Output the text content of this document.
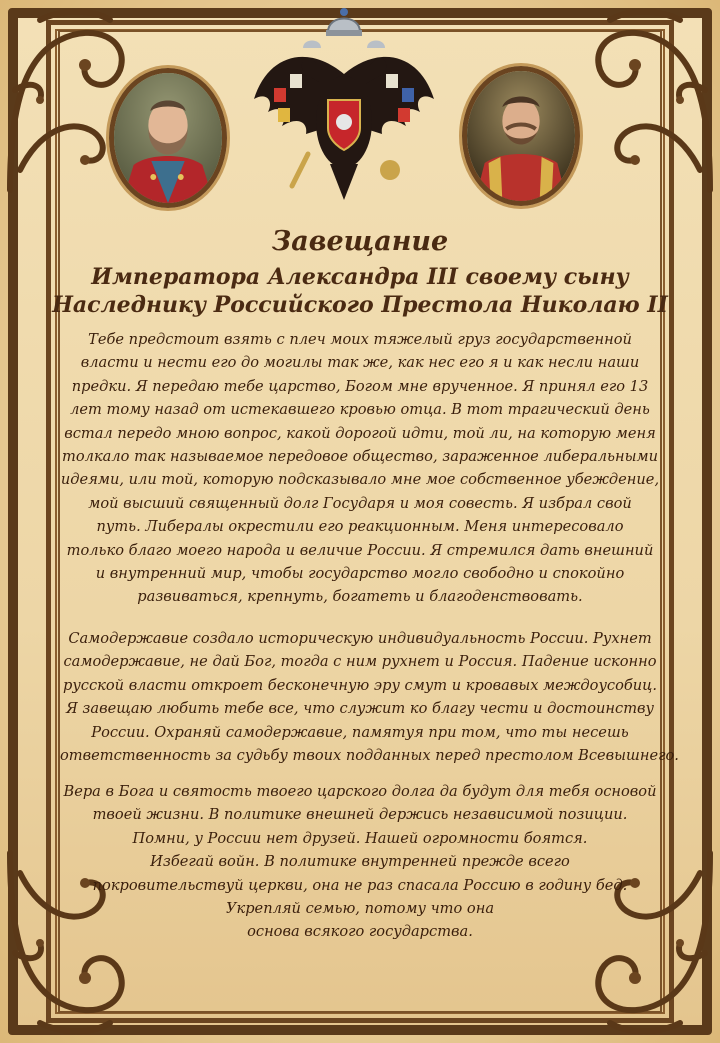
Завещание
Императора Александра III своему сыну
Наследнику Российского Престола Николаю II

Тебе предстоит взять с плеч моих тяжелый груз государственной
власти и нести его до могилы так же, как нес его я и как несли наши
предки. Я передаю тебе царство, Богом мне врученное. Я принял его 13
лет тому назад от истекавшего кровью отца. В тот трагический день
встал передо мною вопрос, какой дорогой идти, той ли, на которую меня
толкало так называемое передовое общество, зараженное либеральными
идеями, или той, которую подсказывало мне мое собственное убеждение,
мой высший священный долг Государя и моя совесть. Я избрал свой
путь. Либералы окрестили его реакционным. Меня интересовало
только благо моего народа и величие России. Я стремился дать внешний
и внутренний мир, чтобы государство могло свободно и спокойно
развиваться, крепнуть, богатеть и благоденствовать.

Самодержавие создало историческую индивидуальность России. Рухнет
самодержавие, не дай Бог, тогда с ним рухнет и Россия. Падение исконно
русской власти откроет бесконечную эру смут и кровавых междоусобиц.
Я завещаю любить тебе все, что служит ко благу чести и достоинству
России. Охраняй самодержавие, памятуя при том, что ты несешь
ответственность за судьбу твоих подданных перед престолом Всевышнего.

Вера в Бога и святость твоего царского долга да будут для тебя основой
твоей жизни. В политике внешней держись независимой позиции.
Помни, у России нет друзей. Нашей огромности боятся.
Избегай войн. В политике внутренней прежде всего
покровительствуй церкви, она не раз спасала Россию в годину бед.
Укрепляй семью, потому что она
основа всякого государства.
